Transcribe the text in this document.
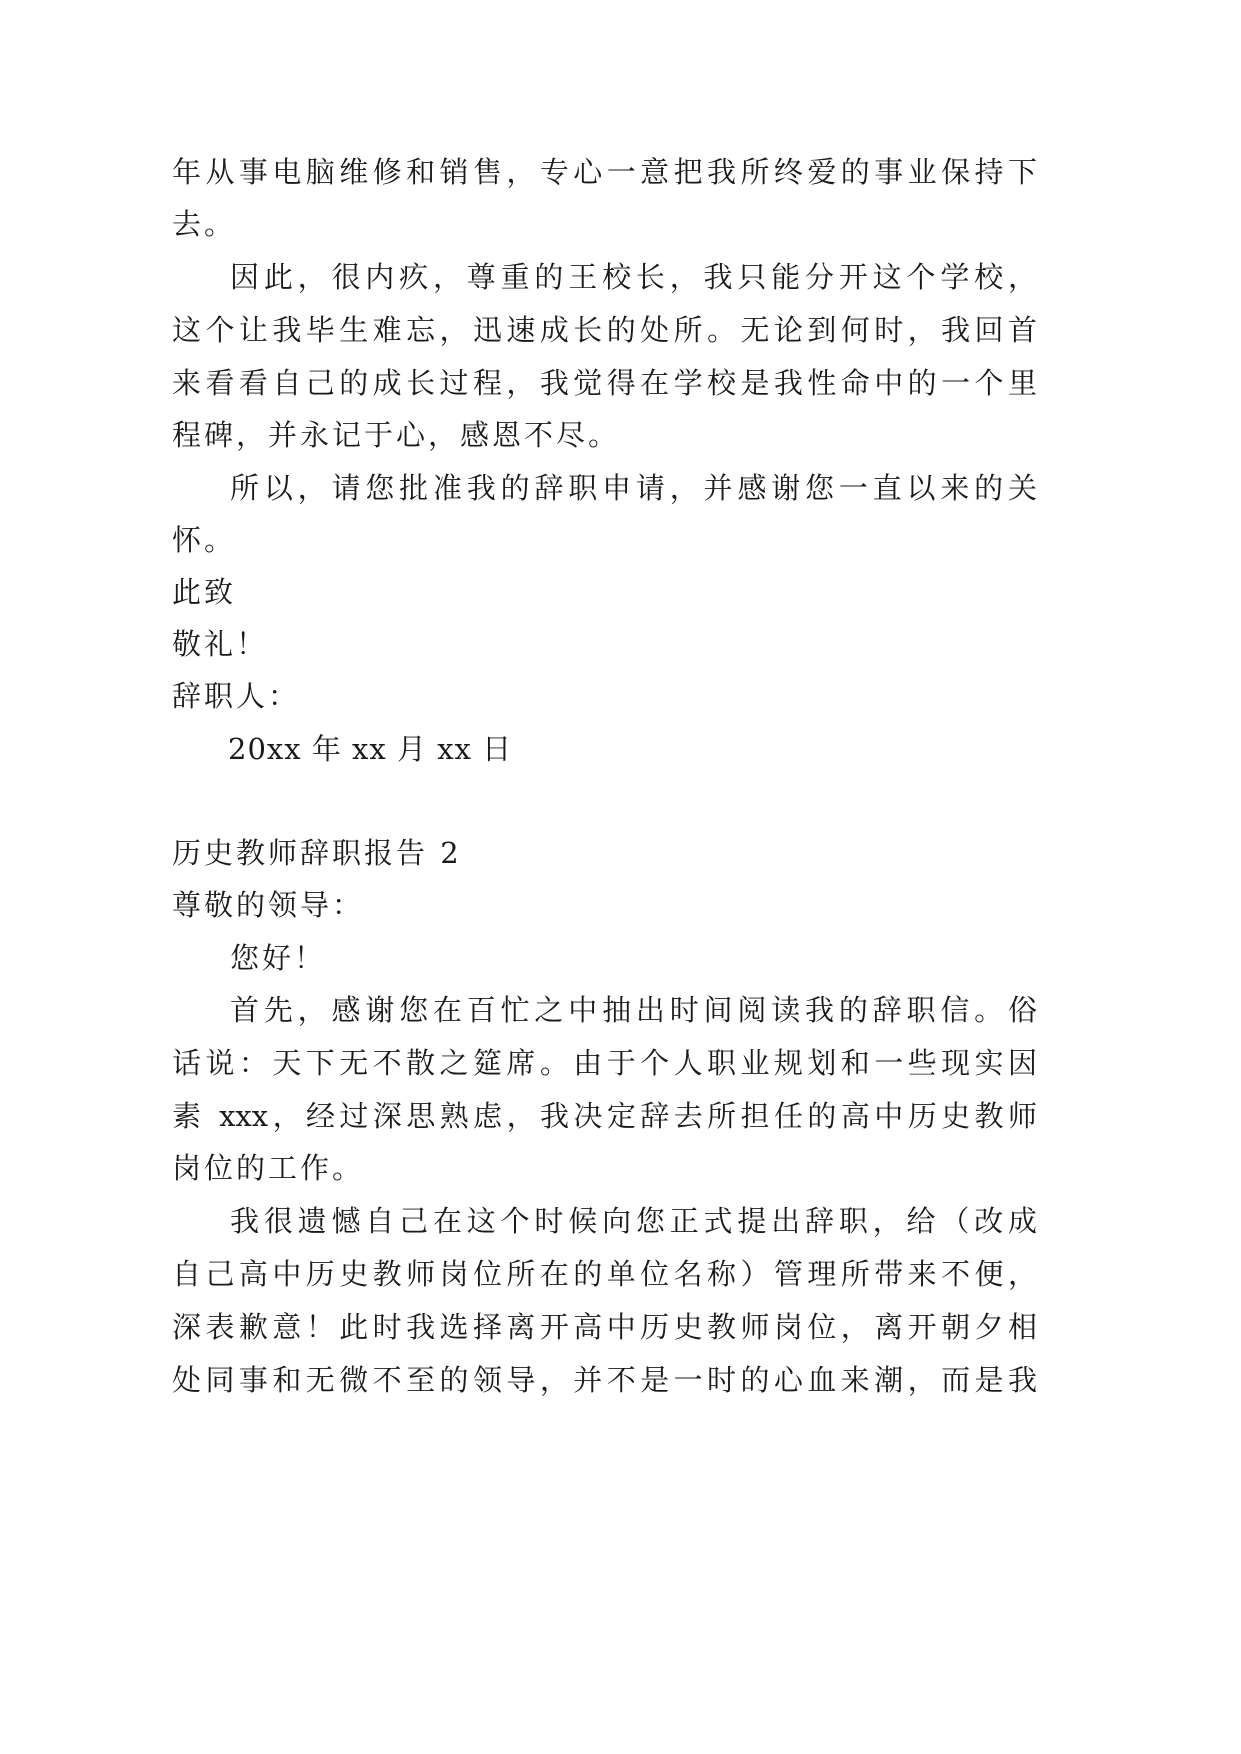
年从事电脑维修和销售，专心一意把我所终爱的事业保持下
去。
因此，很内疚，尊重的王校长，我只能分开这个学校，
这个让我毕生难忘，迅速成长的处所。无论到何时，我回首
来看看自己的成长过程，我觉得在学校是我性命中的一个里
程碑，并永记于心，感恩不尽。
所以，请您批准我的辞职申请，并感谢您一直以来的关
怀。
此致
敬礼！
辞职人：
20xx 年 xx 月 xx 日
历史教师辞职报告 2
尊敬的领导：
您好！
首先，感谢您在百忙之中抽出时间阅读我的辞职信。俗
话说：天下无不散之筵席。由于个人职业规划和一些现实因
素 xxx，经过深思熟虑，我决定辞去所担任的高中历史教师
岗位的工作。
我很遗憾自己在这个时候向您正式提出辞职，给（改成
自己高中历史教师岗位所在的单位名称）管理所带来不便，
深表歉意！此时我选择离开高中历史教师岗位，离开朝夕相
处同事和无微不至的领导，并不是一时的心血来潮，而是我
